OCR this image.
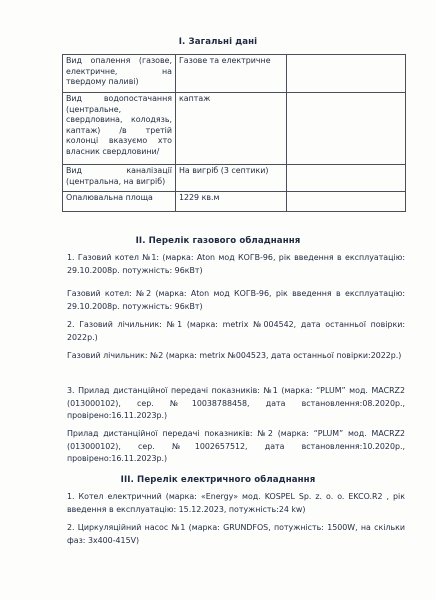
І. Загальні дані
Вид опалення (газове, електричне, на твердому паливі)	Газове та електричне	
Вид водопостачання (центральне, свердловина, колодязь, каптаж) /в третій колонці вказуємо хто власник свердловини/	каптаж	
Вид каналізації (центральна, на вигріб)	На вигріб (3 септики)	
Опалювальна площа	1229 кв.м	
ІІ. Перелік газового обладнання
1. Газовий котел №1: (марка: Aton мод КОГВ-96, рік введення в експлуатацію: 29.10.2008р. потужність: 96кВт)
Газовий котел: №2 (марка: Aton мод КОГВ-96, рік введення в експлуатацію: 29.10.2008р. потужність: 96кВт)
2. Газовий лічильник: №1 (марка: metrix №004542, дата останньої повірки: 2022р.)
Газовий лічильник: №2 (марка: metrix №004523, дата останньої повірки:2022р.)
3. Прилад дистанційної передачі показників: №1 (марка: “PLUM” мод. MACRZ2 (013000102), сер. №10038788458, дата встановлення:08.2020р., провірено:16.11.2023р.)
Прилад дистанційної передачі показників: №2 (марка: “PLUM” мод. MACRZ2 (013000102), сер. №1002657512, дата встановлення:10.2020р., провірено:16.11.2023р.)
ІІІ. Перелік електричного обладнання
1. Котел електричний (марка: «Energy» мод. KOSPEL Sp. z. o. o. EKCO.R2 , рік введення в експлуатацію: 15.12.2023, потужність:24 kw)
2. Циркуляційний насос №1 (марка: GRUNDFOS, потужність: 1500W, на скільки фаз: 3x400-415V)
